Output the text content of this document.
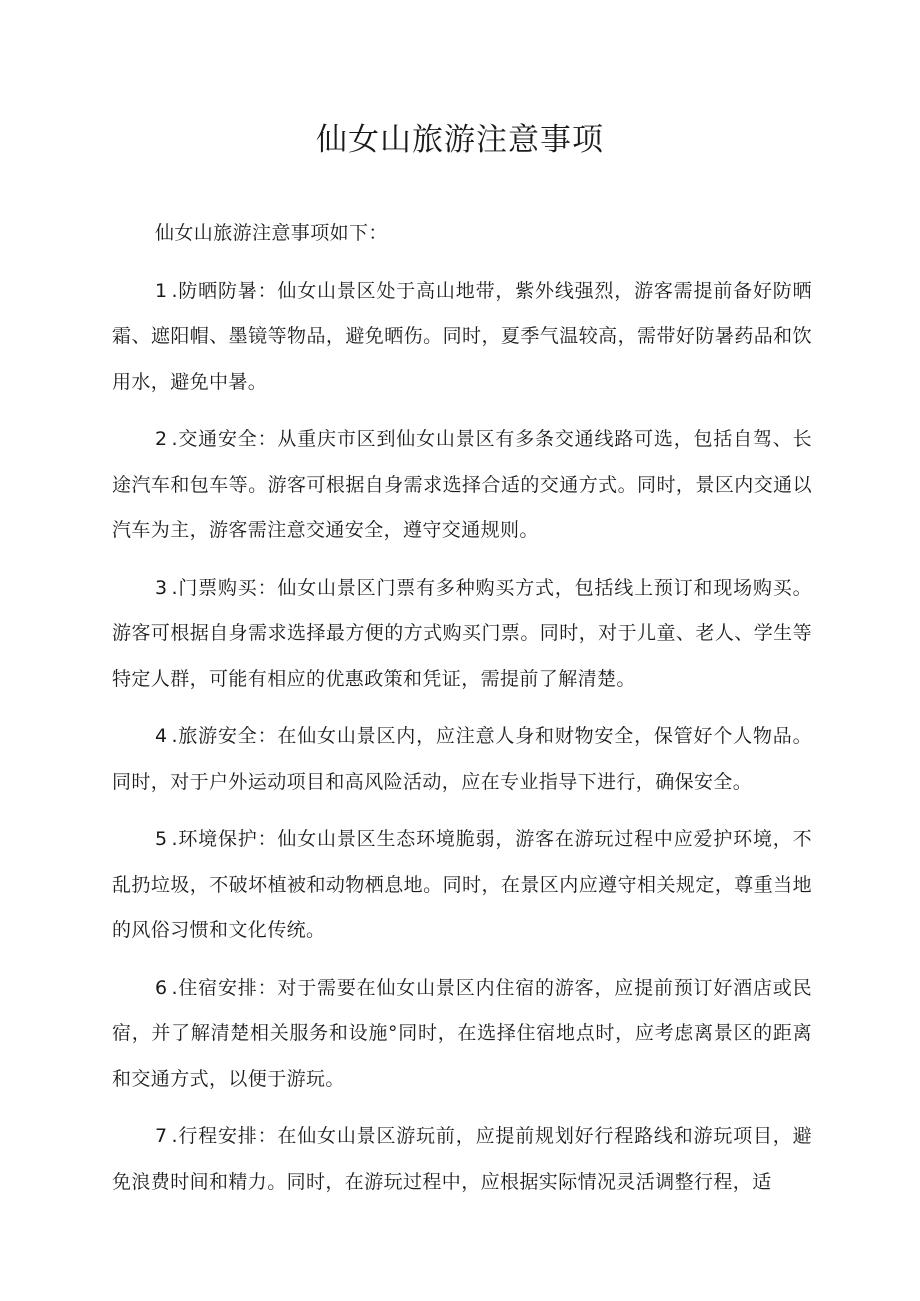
仙女山旅游注意事项

仙女山旅游注意事项如下：

1 .防晒防暑：仙女山景区处于高山地带，紫外线强烈，游客需提前备好防晒霜、遮阳帽、墨镜等物品，避免晒伤。同时，夏季气温较高，需带好防暑药品和饮用水，避免中暑。

2 .交通安全：从重庆市区到仙女山景区有多条交通线路可选，包括自驾、长途汽车和包车等。游客可根据自身需求选择合适的交通方式。同时，景区内交通以汽车为主，游客需注意交通安全，遵守交通规则。

3 .门票购买：仙女山景区门票有多种购买方式，包括线上预订和现场购买。游客可根据自身需求选择最方便的方式购买门票。同时，对于儿童、老人、学生等特定人群，可能有相应的优惠政策和凭证，需提前了解清楚。

4 .旅游安全：在仙女山景区内，应注意人身和财物安全，保管好个人物品。同时，对于户外运动项目和高风险活动，应在专业指导下进行，确保安全。

5 .环境保护：仙女山景区生态环境脆弱，游客在游玩过程中应爱护环境，不乱扔垃圾，不破坏植被和动物栖息地。同时，在景区内应遵守相关规定，尊重当地的风俗习惯和文化传统。

6 .住宿安排：对于需要在仙女山景区内住宿的游客，应提前预订好酒店或民宿，并了解清楚相关服务和设施°同时，在选择住宿地点时，应考虑离景区的距离和交通方式，以便于游玩。

7 .行程安排：在仙女山景区游玩前，应提前规划好行程路线和游玩项目，避免浪费时间和精力。同时，在游玩过程中，应根据实际情况灵活调整行程，适
